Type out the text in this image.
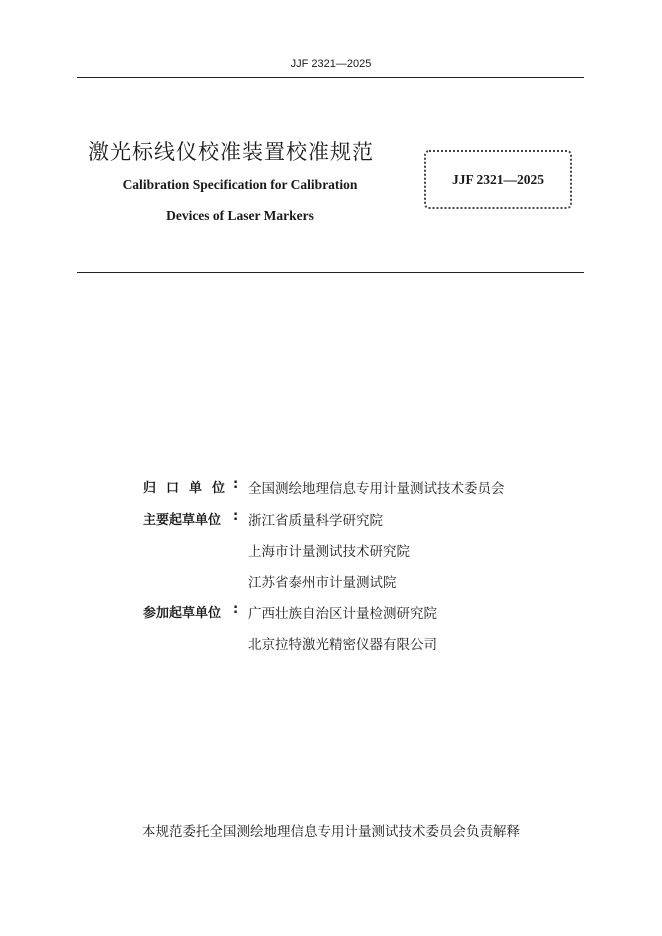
JJF 2321—2025
激光标线仪校准装置校准规范
Calibration Specification for Calibration
Devices of Laser Markers
JJF 2321—2025
归口单位
: 全国测绘地理信息专用计量测试技术委员会
主要起草单位 : 浙江省质量科学研究院
上海市计量测试技术研究院
江苏省泰州市计量测试院
参加起草单位 : 广西壮族自治区计量检测研究院
北京拉特激光精密仪器有限公司
本规范委托全国测绘地理信息专用计量测试技术委员会负责解释
